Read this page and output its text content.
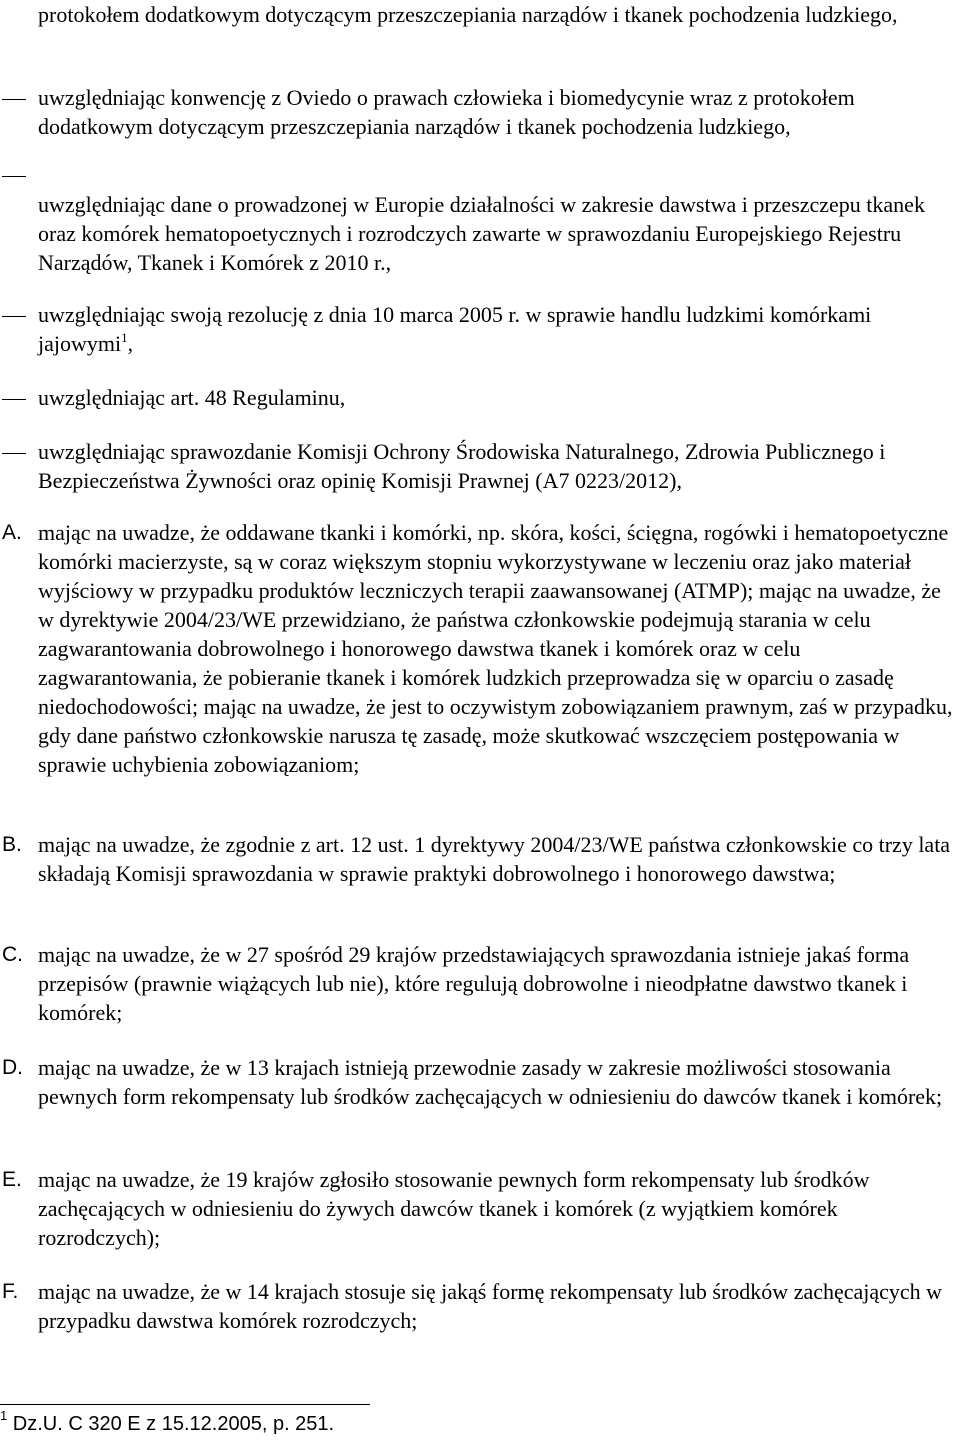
protokołem dodatkowym dotyczącym przeszczepiania narządów i tkanek pochodzenia ludzkiego,

uwzględniając konwencję z Oviedo o prawach człowieka i biomedycynie wraz z protokołem dodatkowym dotyczącym przeszczepiania narządów i tkanek pochodzenia ludzkiego,

uwzględniając dane o prowadzonej w Europie działalności w zakresie dawstwa i przeszczepu tkanek oraz komórek hematopoetycznych i rozrodczych zawarte w sprawozdaniu Europejskiego Rejestru Narządów, Tkanek i Komórek z 2010 r.,

uwzględniając swoją rezolucję z dnia 10 marca 2005 r. w sprawie handlu ludzkimi komórkami jajowymi$^1$,

uwzględniając art. 48 Regulaminu,

uwzględniając sprawozdanie Komisji Ochrony Środowiska Naturalnego, Zdrowia Publicznego i Bezpieczeństwa Żywności oraz opinię Komisji Prawnej (A7 0223/2012),

A. mając na uwadze, że oddawane tkanki i komórki, np. skóra, kości, ścięgna, rogówki i hematopoetyczne komórki macierzyste, są w coraz większym stopniu wykorzystywane w leczeniu oraz jako materiał wyjściowy w przypadku produktów leczniczych terapii zaawansowanej (ATMP); mając na uwadze, że w dyrektywie 2004/23/WE przewidziano, że państwa członkowskie podejmują starania w celu zagwarantowania dobrowolnego i honorowego dawstwa tkanek i komórek oraz w celu zagwarantowania, że pobieranie tkanek i komórek ludzkich przeprowadza się w oparciu o zasadę niedochodowości; mając na uwadze, że jest to oczywistym zobowiązaniem prawnym, zaś w przypadku, gdy dane państwo członkowskie narusza tę zasadę, może skutkować wszczęciem postępowania w sprawie uchybienia zobowiązaniom;

B. mając na uwadze, że zgodnie z art. 12 ust. 1 dyrektywy 2004/23/WE państwa członkowskie co trzy lata składają Komisji sprawozdania w sprawie praktyki dobrowolnego i honorowego dawstwa;

C. mając na uwadze, że w 27 spośród 29 krajów przedstawiających sprawozdania istnieje jakaś forma przepisów (prawnie wiążących lub nie), które regulują dobrowolne i nieodpłatne dawstwo tkanek i komórek;

D. mając na uwadze, że w 13 krajach istnieją przewodnie zasady w zakresie możliwości stosowania pewnych form rekompensaty lub środków zachęcających w odniesieniu do dawców tkanek i komórek;

E. mając na uwadze, że 19 krajów zgłosiło stosowanie pewnych form rekompensaty lub środków zachęcających w odniesieniu do żywych dawców tkanek i komórek (z wyjątkiem komórek rozrodczych);

F. mając na uwadze, że w 14 krajach stosuje się jakąś formę rekompensaty lub środków zachęcających w przypadku dawstwa komórek rozrodczych;

$^1$ Dz.U. C 320 E z 15.12.2005, p. 251.
